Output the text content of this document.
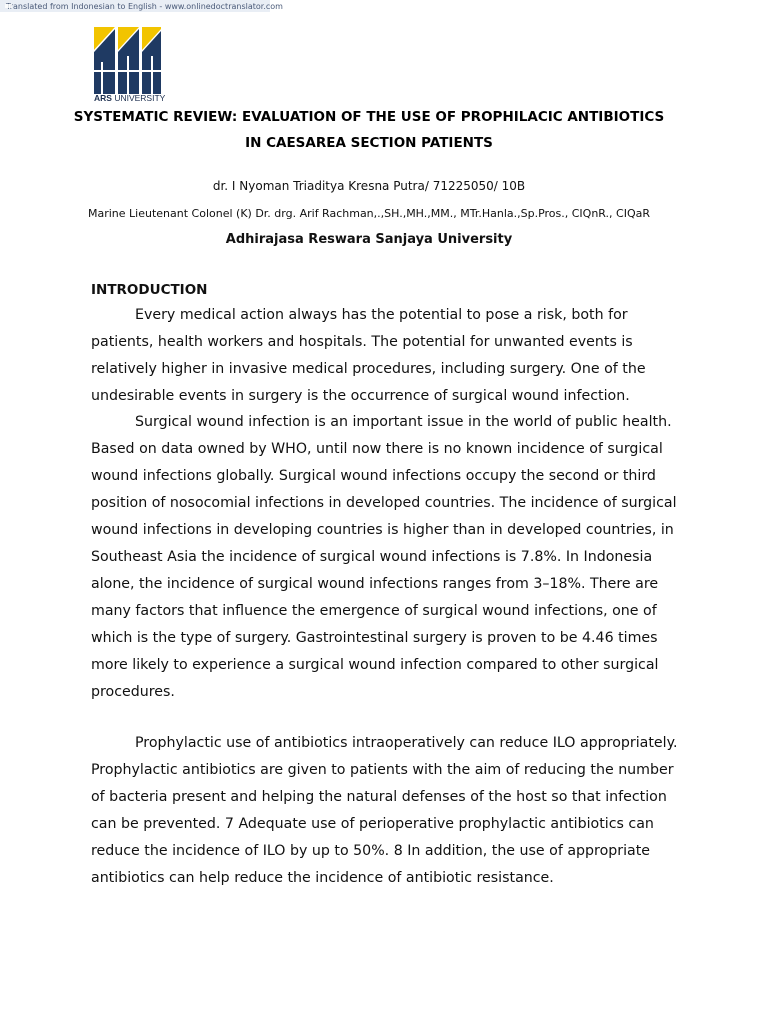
Translated from Indonesian to English - www.onlinedoctranslator.com
ARS UNIVERSITY
SYSTEMATIC REVIEW: EVALUATION OF THE USE OF PROPHILACIC ANTIBIOTICS
IN CAESAREA SECTION PATIENTS
dr. I Nyoman Triaditya Kresna Putra/ 71225050/ 10B
Marine Lieutenant Colonel (K) Dr. drg. Arif Rachman,.,SH.,MH.,MM., MTr.Hanla.,Sp.Pros., CIQnR., CIQaR
Adhirajasa Reswara Sanjaya University
INTRODUCTION

Every medical action always has the potential to pose a risk, both for patients, health workers and hospitals. The potential for unwanted events is relatively higher in invasive medical procedures, including surgery. One of the undesirable events in surgery is the occurrence of surgical wound infection.

Surgical wound infection is an important issue in the world of public health. Based on data owned by WHO, until now there is no known incidence of surgical wound infections globally. Surgical wound infections occupy the second or third position of nosocomial infections in developed countries. The incidence of surgical wound infections in developing countries is higher than in developed countries, in Southeast Asia the incidence of surgical wound infections is 7.8%. In Indonesia alone, the incidence of surgical wound infections ranges from 3–18%. There are many factors that influence the emergence of surgical wound infections, one of which is the type of surgery. Gastrointestinal surgery is proven to be 4.46 times more likely to experience a surgical wound infection compared to other surgical procedures.

Prophylactic use of antibiotics intraoperatively can reduce ILO appropriately. Prophylactic antibiotics are given to patients with the aim of reducing the number of bacteria present and helping the natural defenses of the host so that infection can be prevented. 7 Adequate use of perioperative prophylactic antibiotics can reduce the incidence of ILO by up to 50%. 8 In addition, the use of appropriate antibiotics can help reduce the incidence of antibiotic resistance.
